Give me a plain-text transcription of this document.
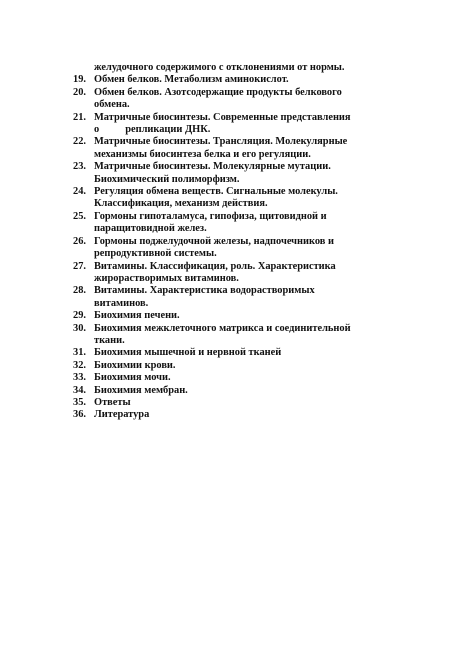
желудочного содержимого с отклонениями от нормы.
19. Обмен белков. Метаболизм аминокислот.
20. Обмен белков. Азотсодержащие продукты белкового
обмена.
21. Матричные биосинтезы. Современные представления
о	репликации ДНК.
22. Матричные биосинтезы. Трансляция. Молекулярные
механизмы биосинтеза белка и его регуляции.
23. Матричные биосинтезы. Молекулярные мутации.
Биохимический полиморфизм.
24. Регуляция обмена веществ. Сигнальные молекулы.
Классификация, механизм действия.
25. Гормоны гипоталамуса, гипофиза, щитовидной и
паращитовидной желез.
26. Гормоны поджелудочной железы, надпочечников и
репродуктивной системы.
27. Витамины. Классификация, роль. Характеристика
жирорастворимых витаминов.
28. Витамины. Характеристика водорастворимых
витаминов.
29. Биохимия печени.
30. Биохимия межклеточного матрикса и соединительной
ткани.
31. Биохимия мышечной и нервной тканей
32. Биохимии крови.
33. Биохимия мочи.
34. Биохимия мембран.
35. Ответы
36. Литература
